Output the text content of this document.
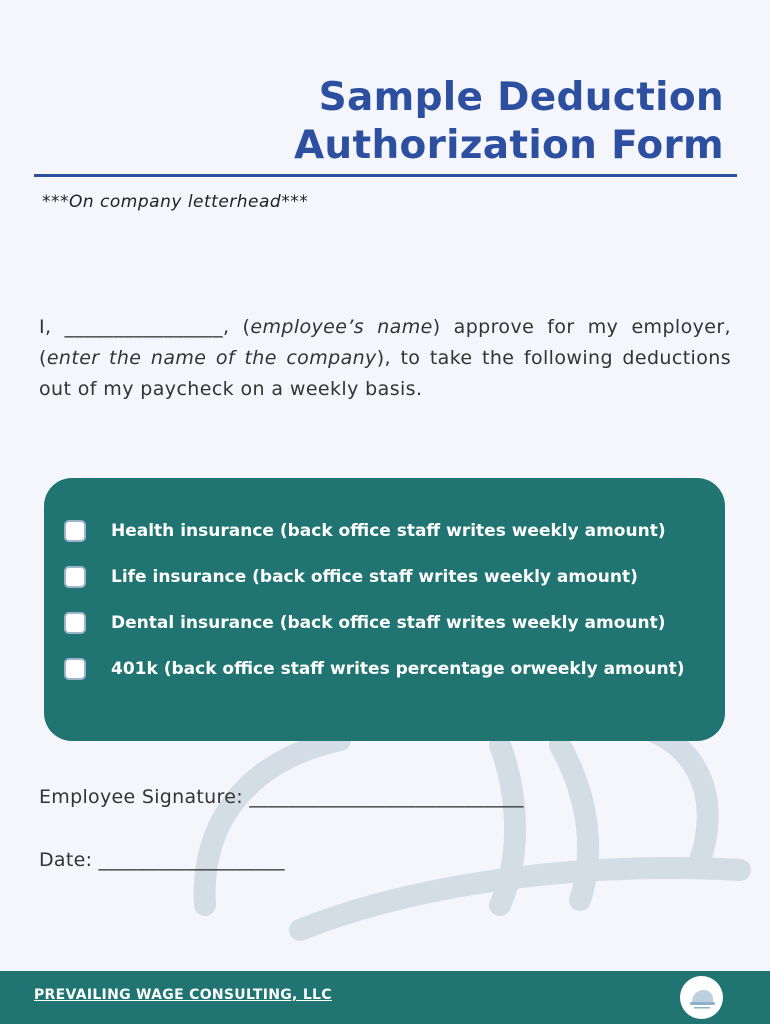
Sample Deduction
Authorization Form
***On company letterhead***
I, ________________, (employee’s name) approve for my employer, (enter the name of the company), to take the following deductions out of my paycheck on a weekly basis.
Health insurance (back office staff writes weekly amount)
Life insurance (back office staff writes weekly amount)
Dental insurance (back office staff writes weekly amount)
401k (back office staff writes percentage orweekly amount)
Employee Signature: ____________________________
Date: ___________________
PREVAILING WAGE CONSULTING, LLC
